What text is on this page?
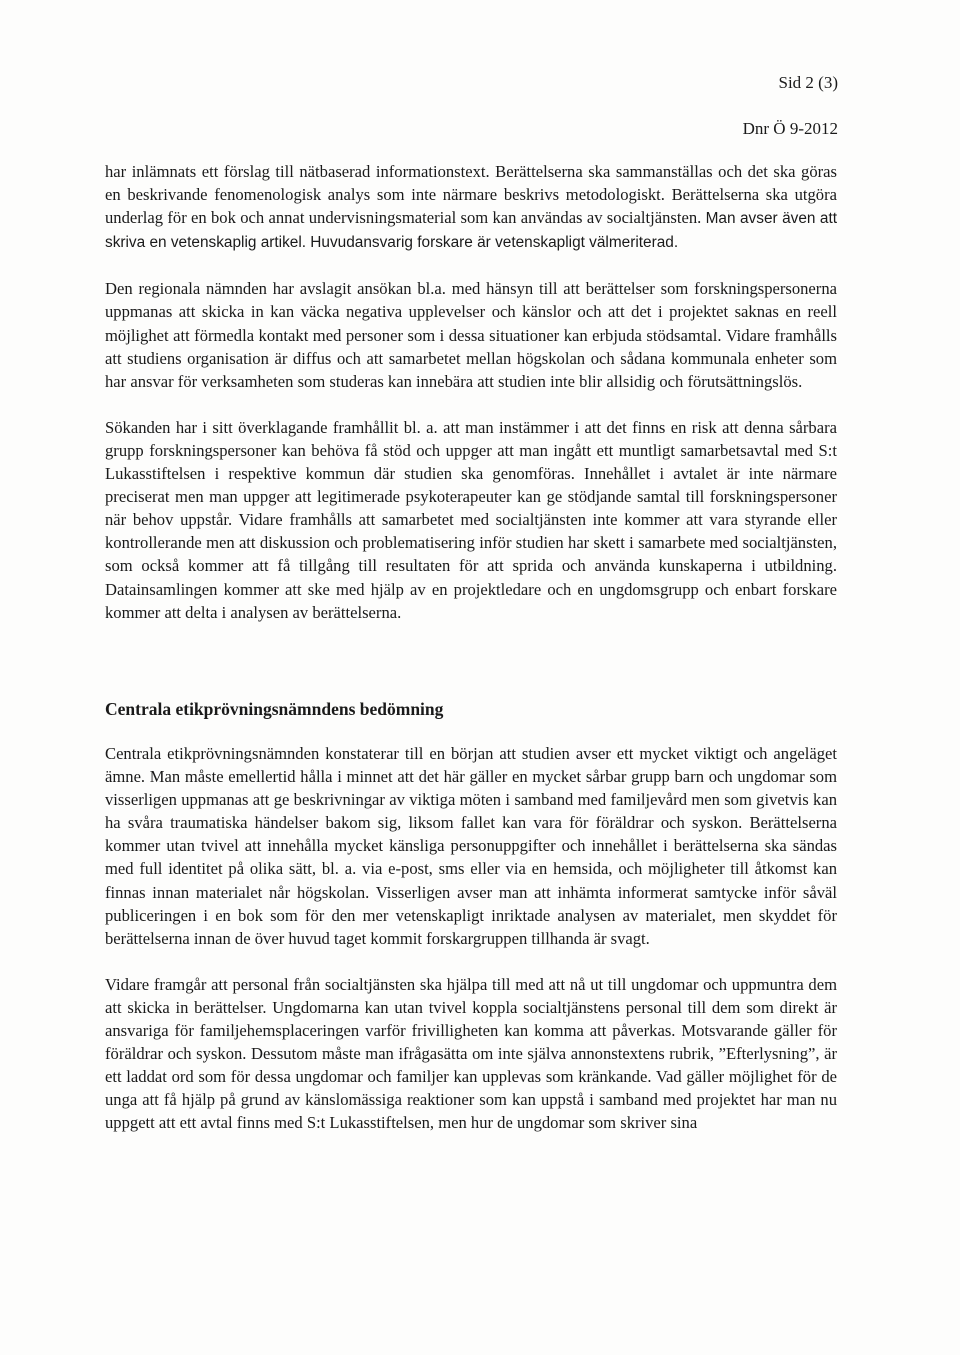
Sid 2 (3)
Dnr Ö 9-2012

har inlämnats ett förslag till nätbaserad informationstext. Berättelserna ska sammanställas och det ska göras en beskrivande fenomenologisk analys som inte närmare beskrivs metodologiskt. Berättelserna ska utgöra underlag för en bok och annat undervisningsmaterial som kan användas av socialtjänsten. Man avser även att skriva en vetenskaplig artikel. Huvudansvarig forskare är vetenskapligt välmeriterad.

Den regionala nämnden har avslagit ansökan bl.a. med hänsyn till att berättelser som forskningspersonerna uppmanas att skicka in kan väcka negativa upplevelser och känslor och att det i projektet saknas en reell möjlighet att förmedla kontakt med personer som i dessa situationer kan erbjuda stödsamtal. Vidare framhålls att studiens organisation är diffus och att samarbetet mellan högskolan och sådana kommunala enheter som har ansvar för verksamheten som studeras kan innebära att studien inte blir allsidig och förutsättningslös.

Sökanden har i sitt överklagande framhållit bl. a. att man instämmer i att det finns en risk att denna sårbara grupp forskningspersoner kan behöva få stöd och uppger att man ingått ett muntligt samarbetsavtal med S:t Lukasstiftelsen i respektive kommun där studien ska genomföras. Innehållet i avtalet är inte närmare preciserat men man uppger att legitimerade psykoterapeuter kan ge stödjande samtal till forskningspersoner när behov uppstår. Vidare framhålls att samarbetet med socialtjänsten inte kommer att vara styrande eller kontrollerande men att diskussion och problematisering inför studien har skett i samarbete med socialtjänsten, som också kommer att få tillgång till resultaten för att sprida och använda kunskaperna i utbildning. Datainsamlingen kommer att ske med hjälp av en projektledare och en ungdomsgrupp och enbart forskare kommer att delta i analysen av berättelserna.

Centrala etikprövningsnämndens bedömning

Centrala etikprövningsnämnden konstaterar till en början att studien avser ett mycket viktigt och angeläget ämne. Man måste emellertid hålla i minnet att det här gäller en mycket sårbar grupp barn och ungdomar som visserligen uppmanas att ge beskrivningar av viktiga möten i samband med familjevård men som givetvis kan ha svåra traumatiska händelser bakom sig, liksom fallet kan vara för föräldrar och syskon. Berättelserna kommer utan tvivel att innehålla mycket känsliga personuppgifter och innehållet i berättelserna ska sändas med full identitet på olika sätt, bl. a. via e-post, sms eller via en hemsida, och möjligheter till åtkomst kan finnas innan materialet når högskolan. Visserligen avser man att inhämta informerat samtycke inför såväl publiceringen i en bok som för den mer vetenskapligt inriktade analysen av materialet, men skyddet för berättelserna innan de över huvud taget kommit forskargruppen tillhanda är svagt.

Vidare framgår att personal från socialtjänsten ska hjälpa till med att nå ut till ungdomar och uppmuntra dem att skicka in berättelser. Ungdomarna kan utan tvivel koppla socialtjänstens personal till dem som direkt är ansvariga för familjehemsplaceringen varför frivilligheten kan komma att påverkas. Motsvarande gäller för föräldrar och syskon. Dessutom måste man ifrågasätta om inte själva annonstextens rubrik, ”Efterlysning”, är ett laddat ord som för dessa ungdomar och familjer kan upplevas som kränkande. Vad gäller möjlighet för de unga att få hjälp på grund av känslomässiga reaktioner som kan uppstå i samband med projektet har man nu uppgett att ett avtal finns med S:t Lukasstiftelsen, men hur de ungdomar som skriver sina
